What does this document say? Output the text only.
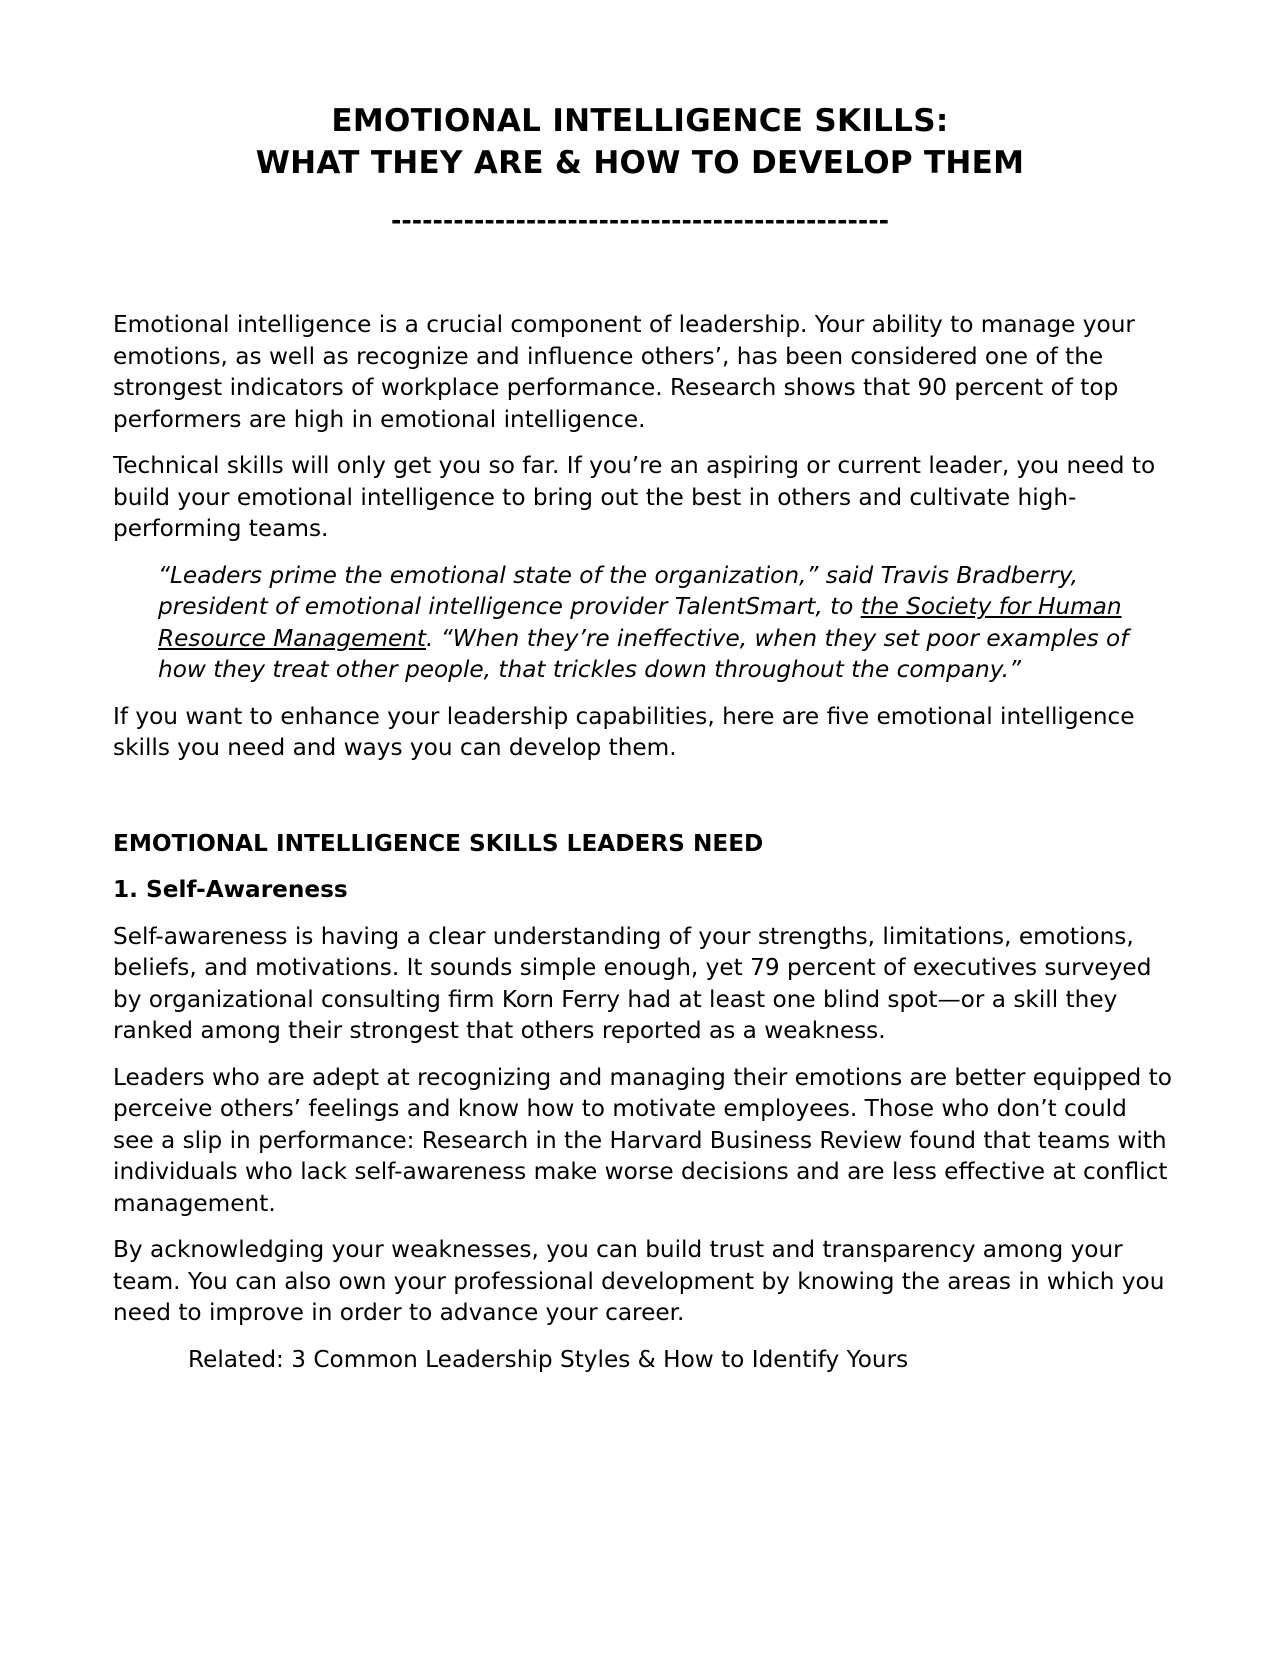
EMOTIONAL INTELLIGENCE SKILLS:
WHAT THEY ARE & HOW TO DEVELOP THEM
------------------------------------------------

Emotional intelligence is a crucial component of leadership. Your ability to manage your emotions, as well as recognize and influence others’, has been considered one of the strongest indicators of workplace performance. Research shows that 90 percent of top performers are high in emotional intelligence.

Technical skills will only get you so far. If you’re an aspiring or current leader, you need to build your emotional intelligence to bring out the best in others and cultivate high-performing teams.

“Leaders prime the emotional state of the organization,” said Travis Bradberry, president of emotional intelligence provider TalentSmart, to the Society for Human Resource Management. “When they’re ineffective, when they set poor examples of how they treat other people, that trickles down throughout the company.”

If you want to enhance your leadership capabilities, here are five emotional intelligence skills you need and ways you can develop them.

EMOTIONAL INTELLIGENCE SKILLS LEADERS NEED
1. Self-Awareness

Self-awareness is having a clear understanding of your strengths, limitations, emotions, beliefs, and motivations. It sounds simple enough, yet 79 percent of executives surveyed by organizational consulting firm Korn Ferry had at least one blind spot—or a skill they ranked among their strongest that others reported as a weakness.

Leaders who are adept at recognizing and managing their emotions are better equipped to perceive others’ feelings and know how to motivate employees. Those who don’t could see a slip in performance: Research in the Harvard Business Review found that teams with individuals who lack self-awareness make worse decisions and are less effective at conflict management.

By acknowledging your weaknesses, you can build trust and transparency among your team. You can also own your professional development by knowing the areas in which you need to improve in order to advance your career.

Related: 3 Common Leadership Styles & How to Identify Yours
